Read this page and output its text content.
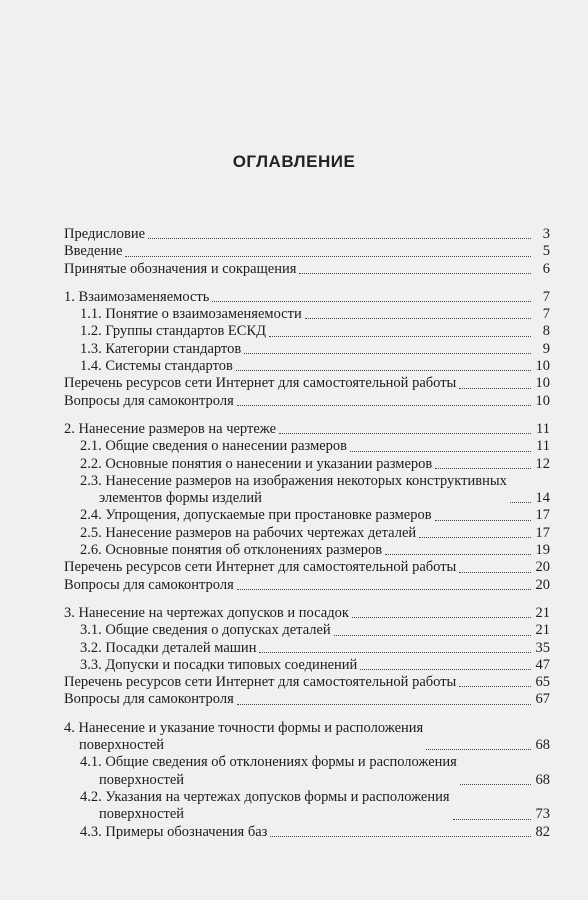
ОГЛАВЛЕНИЕ
Предисловие	3
Введение	5
Принятые обозначения и сокращения	6
1. Взаимозаменяемость	7
1.1. Понятие о взаимозаменяемости	7
1.2. Группы стандартов ЕСКД	8
1.3. Категории стандартов	9
1.4. Системы стандартов	10
Перечень ресурсов сети Интернет для самостоятельной работы	10
Вопросы для самоконтроля	10
2. Нанесение размеров на чертеже	11
2.1. Общие сведения о нанесении размеров	11
2.2. Основные понятия о нанесении и указании размеров	12
2.3. Нанесение размеров на изображения некоторых конструктивных
элементов формы изделий	14
2.4. Упрощения, допускаемые при простановке размеров	17
2.5. Нанесение размеров на рабочих чертежах деталей	17
2.6. Основные понятия об отклонениях размеров	19
Перечень ресурсов сети Интернет для самостоятельной работы	20
Вопросы для самоконтроля	20
3. Нанесение на чертежах допусков и посадок	21
3.1. Общие сведения о допусках деталей	21
3.2. Посадки деталей машин	35
3.3. Допуски и посадки типовых соединений	47
Перечень ресурсов сети Интернет для самостоятельной работы	65
Вопросы для самоконтроля	67
4. Нанесение и указание точности формы и расположения
поверхностей	68
4.1. Общие сведения об отклонениях формы и расположения
поверхностей	68
4.2. Указания на чертежах допусков формы и расположения
поверхностей	73
4.3. Примеры обозначения баз	82
